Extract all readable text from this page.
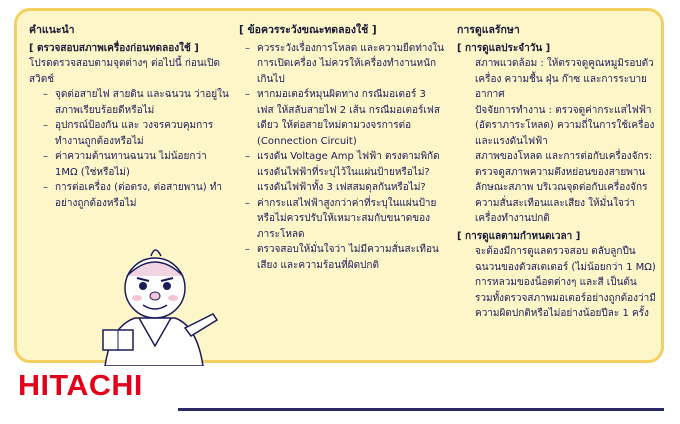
คำแนะนำ

[ ตรวจสอบสภาพเครื่องก่อนทดลองใช้ ]

โปรดตรวจสอบตามจุดต่างๆ ต่อไปนี้ ก่อนเปิดสวิตช์

– จุดต่อสายไฟ สายดิน และฉนวน ว่าอยู่ในสภาพเรียบร้อยดีหรือไม่
– อุปกรณ์ป้องกัน และ วงจรควบคุมการทำงานถูกต้องหรือไม่
– ค่าความต้านทานฉนวน ไม่น้อยกว่า 1MΩ (ใช่หรือไม่)
– การต่อเครื่อง (ต่อตรง, ต่อสายพาน) ทำอย่างถูกต้องหรือไม่

[ ข้อควรระวังขณะทดลองใช้ ]

– ควรระวังเรื่องการโหลด และความยืดท่างในการเปิดเครื่อง ไม่ควรให้เครื่องทำงานหนักเกินไป
– หากมอเตอร์หมุนผิดทาง กรณีมอเตอร์ 3 เฟส ให้สลับสายไฟ 2 เส้น กรณีมอเตอร์เฟสเดียว ให้ต่อสายใหม่ตามวงจรการต่อ (Connection Circuit)
– แรงดัน Voltage Amp ไฟฟ้า ตรงตามพิกัดแรงดันไฟฟ้าที่ระบุไว้ในแผ่นป้ายหรือไม่? แรงดันไฟฟ้าทั้ง 3 เฟสสมดุลกันหรือไม่?
– ค่ากระแสไฟฟ้าสูงกว่าค่าที่ระบุในแผ่นป้ายหรือไม่ควรปรับให้เหมาะสมกับขนาดของภาระโหลด
– ตรวจสอบให้มั่นใจว่า ไม่มีความสั่นสะเทือน เสียง และความร้อนที่ผิดปกติ

การดูแลรักษา

[ การดูแลประจำวัน ]

สภาพแวดล้อม : ให้ตรวจดูคูณหมูมิรอบตัวเครื่อง ความชื้น ฝุ่น ก๊าซ และการระบายอากาศ

ปัจจัยการทำงาน : ตรวจดูค่ากระแสไฟฟ้า (อัตราภาระโหลด) ความถี่ในการใช้เครื่อง และแรงดันไฟฟ้า

สภาพของโหลด และการต่อกับเครื่องจักร: ตรวจดูสภาพความตึงหย่อนของสายพาน ลักษณะสภาพ บริเวณจุดต่อกับเครื่องจักร ความสั่นสะเทือนและเสียง ให้มั่นใจว่าเครื่องทำงานปกติ

[ การดูแลตามกำหนดเวลา ]

จะต้องมีการดูแลตรวจสอบ ตลับลูกปืน ฉนวนของตัวสเตเตอร์ (ไม่น้อยกว่า 1 MΩ) การหลวมของน็อตต่างๆ และสี เป็นต้น รวมทั้งตรวจสภาพมอเตอร์อย่างถูกต้องว่ามีความผิดปกติหรือไม่อย่างน้อยปีละ 1 ครั้ง

HITACHI
